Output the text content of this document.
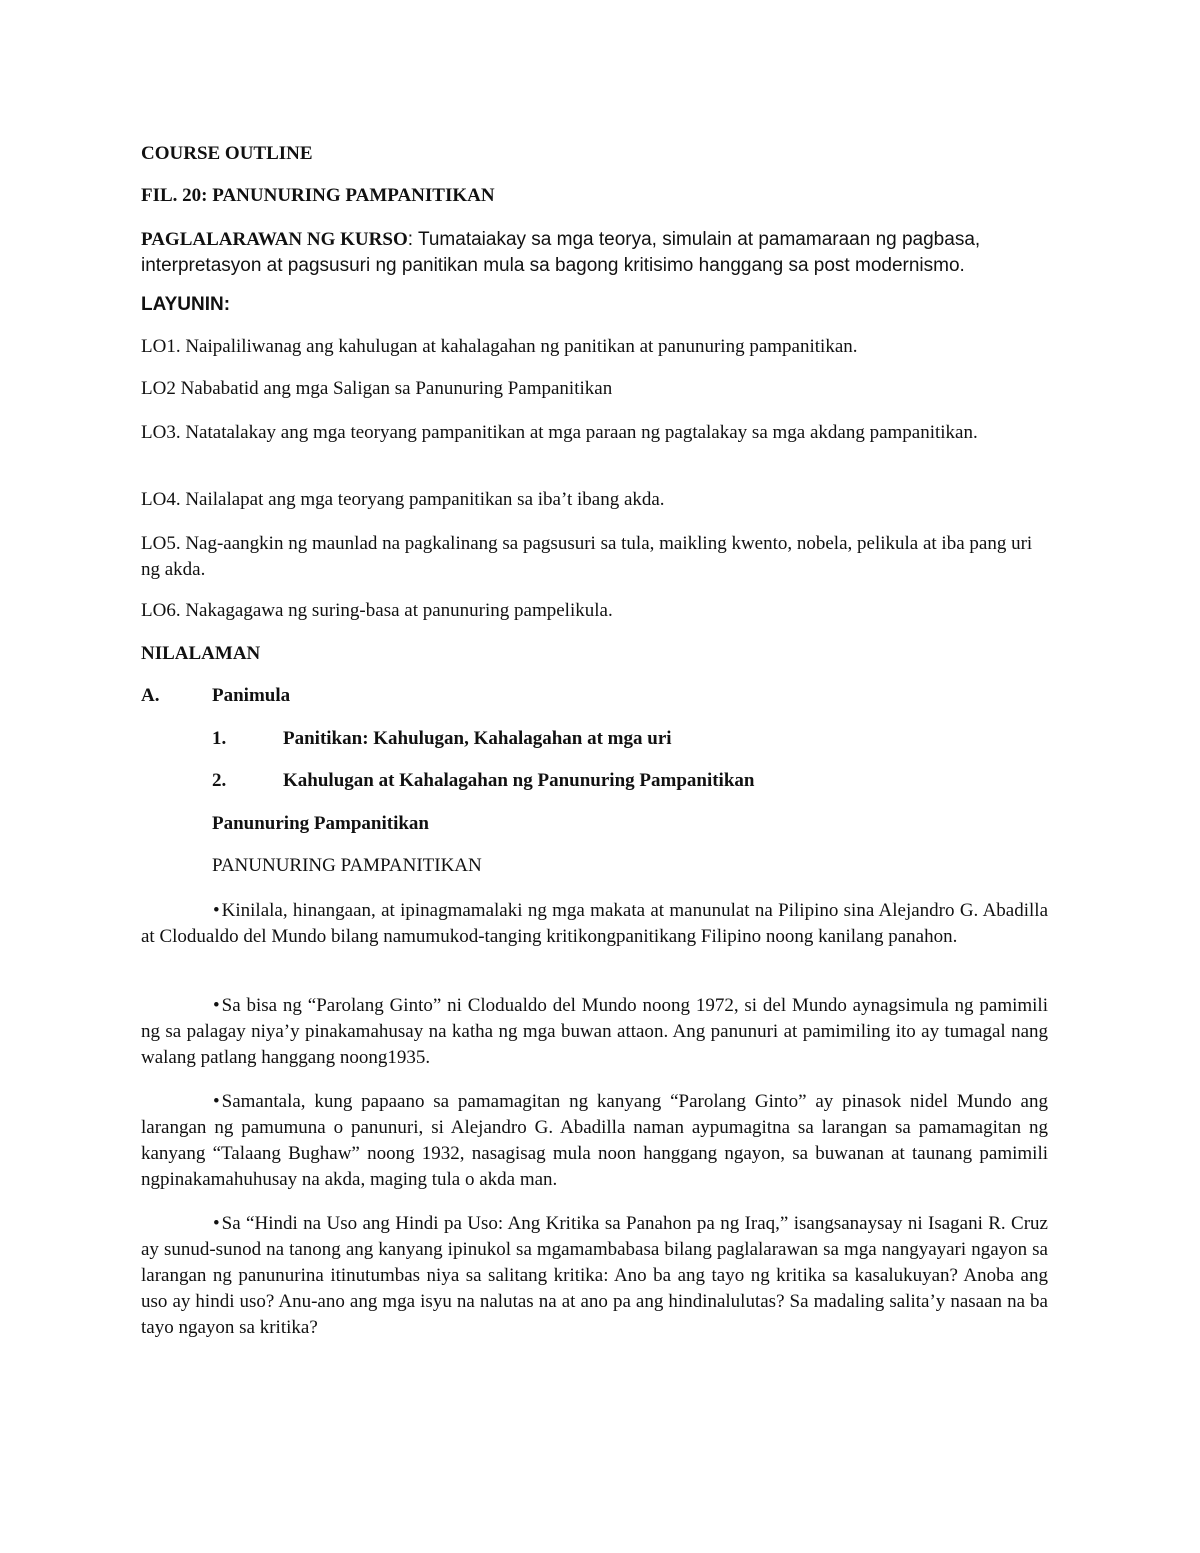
COURSE OUTLINE

FIL. 20: PANUNURING PAMPANITIKAN

PAGLALARAWAN NG KURSO: Tumataiakay sa mga teorya, simulain at pamamaraan ng pagbasa, interpretasyon at pagsusuri ng panitikan mula sa bagong kritisimo hanggang sa post modernismo.

LAYUNIN:

LO1. Naipaliliwanag ang kahulugan at kahalagahan ng panitikan at panunuring pampanitikan.

LO2 Nababatid ang mga Saligan sa Panunuring Pampanitikan

LO3. Natatalakay ang mga teoryang pampanitikan at mga paraan ng pagtalakay sa mga akdang pampanitikan.

LO4. Nailalapat ang mga teoryang pampanitikan sa iba’t ibang akda.

LO5. Nag-aangkin ng maunlad na pagkalinang sa pagsusuri sa tula, maikling kwento, nobela, pelikula at iba pang uri ng akda.

LO6. Nakagagawa ng suring-basa at panunuring pampelikula.

NILALAMAN

A.	Panimula

1.	Panitikan: Kahulugan, Kahalagahan at mga uri

2.	Kahulugan at Kahalagahan ng Panunuring Pampanitikan

Panunuring Pampanitikan

PANUNURING PAMPANITIKAN

• Kinilala, hinangaan, at ipinagmamalaki ng mga makata at manunulat na Pilipino sina Alejandro G. Abadilla at Clodualdo del Mundo bilang namumukod-tanging kritikongpanitikang Filipino noong kanilang panahon.

• Sa bisa ng “Parolang Ginto” ni Clodualdo del Mundo noong 1972, si del Mundo aynagsimula ng pamimili ng sa palagay niya’y pinakamahusay na katha ng mga buwan attaon. Ang panunuri at pamimiling ito ay tumagal nang walang patlang hanggang noong1935.

• Samantala, kung papaano sa pamamagitan ng kanyang “Parolang Ginto” ay pinasok nidel Mundo ang larangan ng pamumuna o panunuri, si Alejandro G. Abadilla naman aypumagitna sa larangan sa pamamagitan ng kanyang “Talaang Bughaw” noong 1932, nasagisag mula noon hanggang ngayon, sa buwanan at taunang pamimili ngpinakamahuhusay na akda, maging tula o akda man.

• Sa “Hindi na Uso ang Hindi pa Uso: Ang Kritika sa Panahon pa ng Iraq,” isangsanaysay ni Isagani R. Cruz ay sunud-sunod na tanong ang kanyang ipinukol sa mgamambabasa bilang paglalarawan sa mga nangyayari ngayon sa larangan ng panunurina itinutumbas niya sa salitang kritika: Ano ba ang tayo ng kritika sa kasalukuyan? Anoba ang uso ay hindi uso? Anu-ano ang mga isyu na nalutas na at ano pa ang hindinalulutas? Sa madaling salita’y nasaan na ba tayo ngayon sa kritika?
